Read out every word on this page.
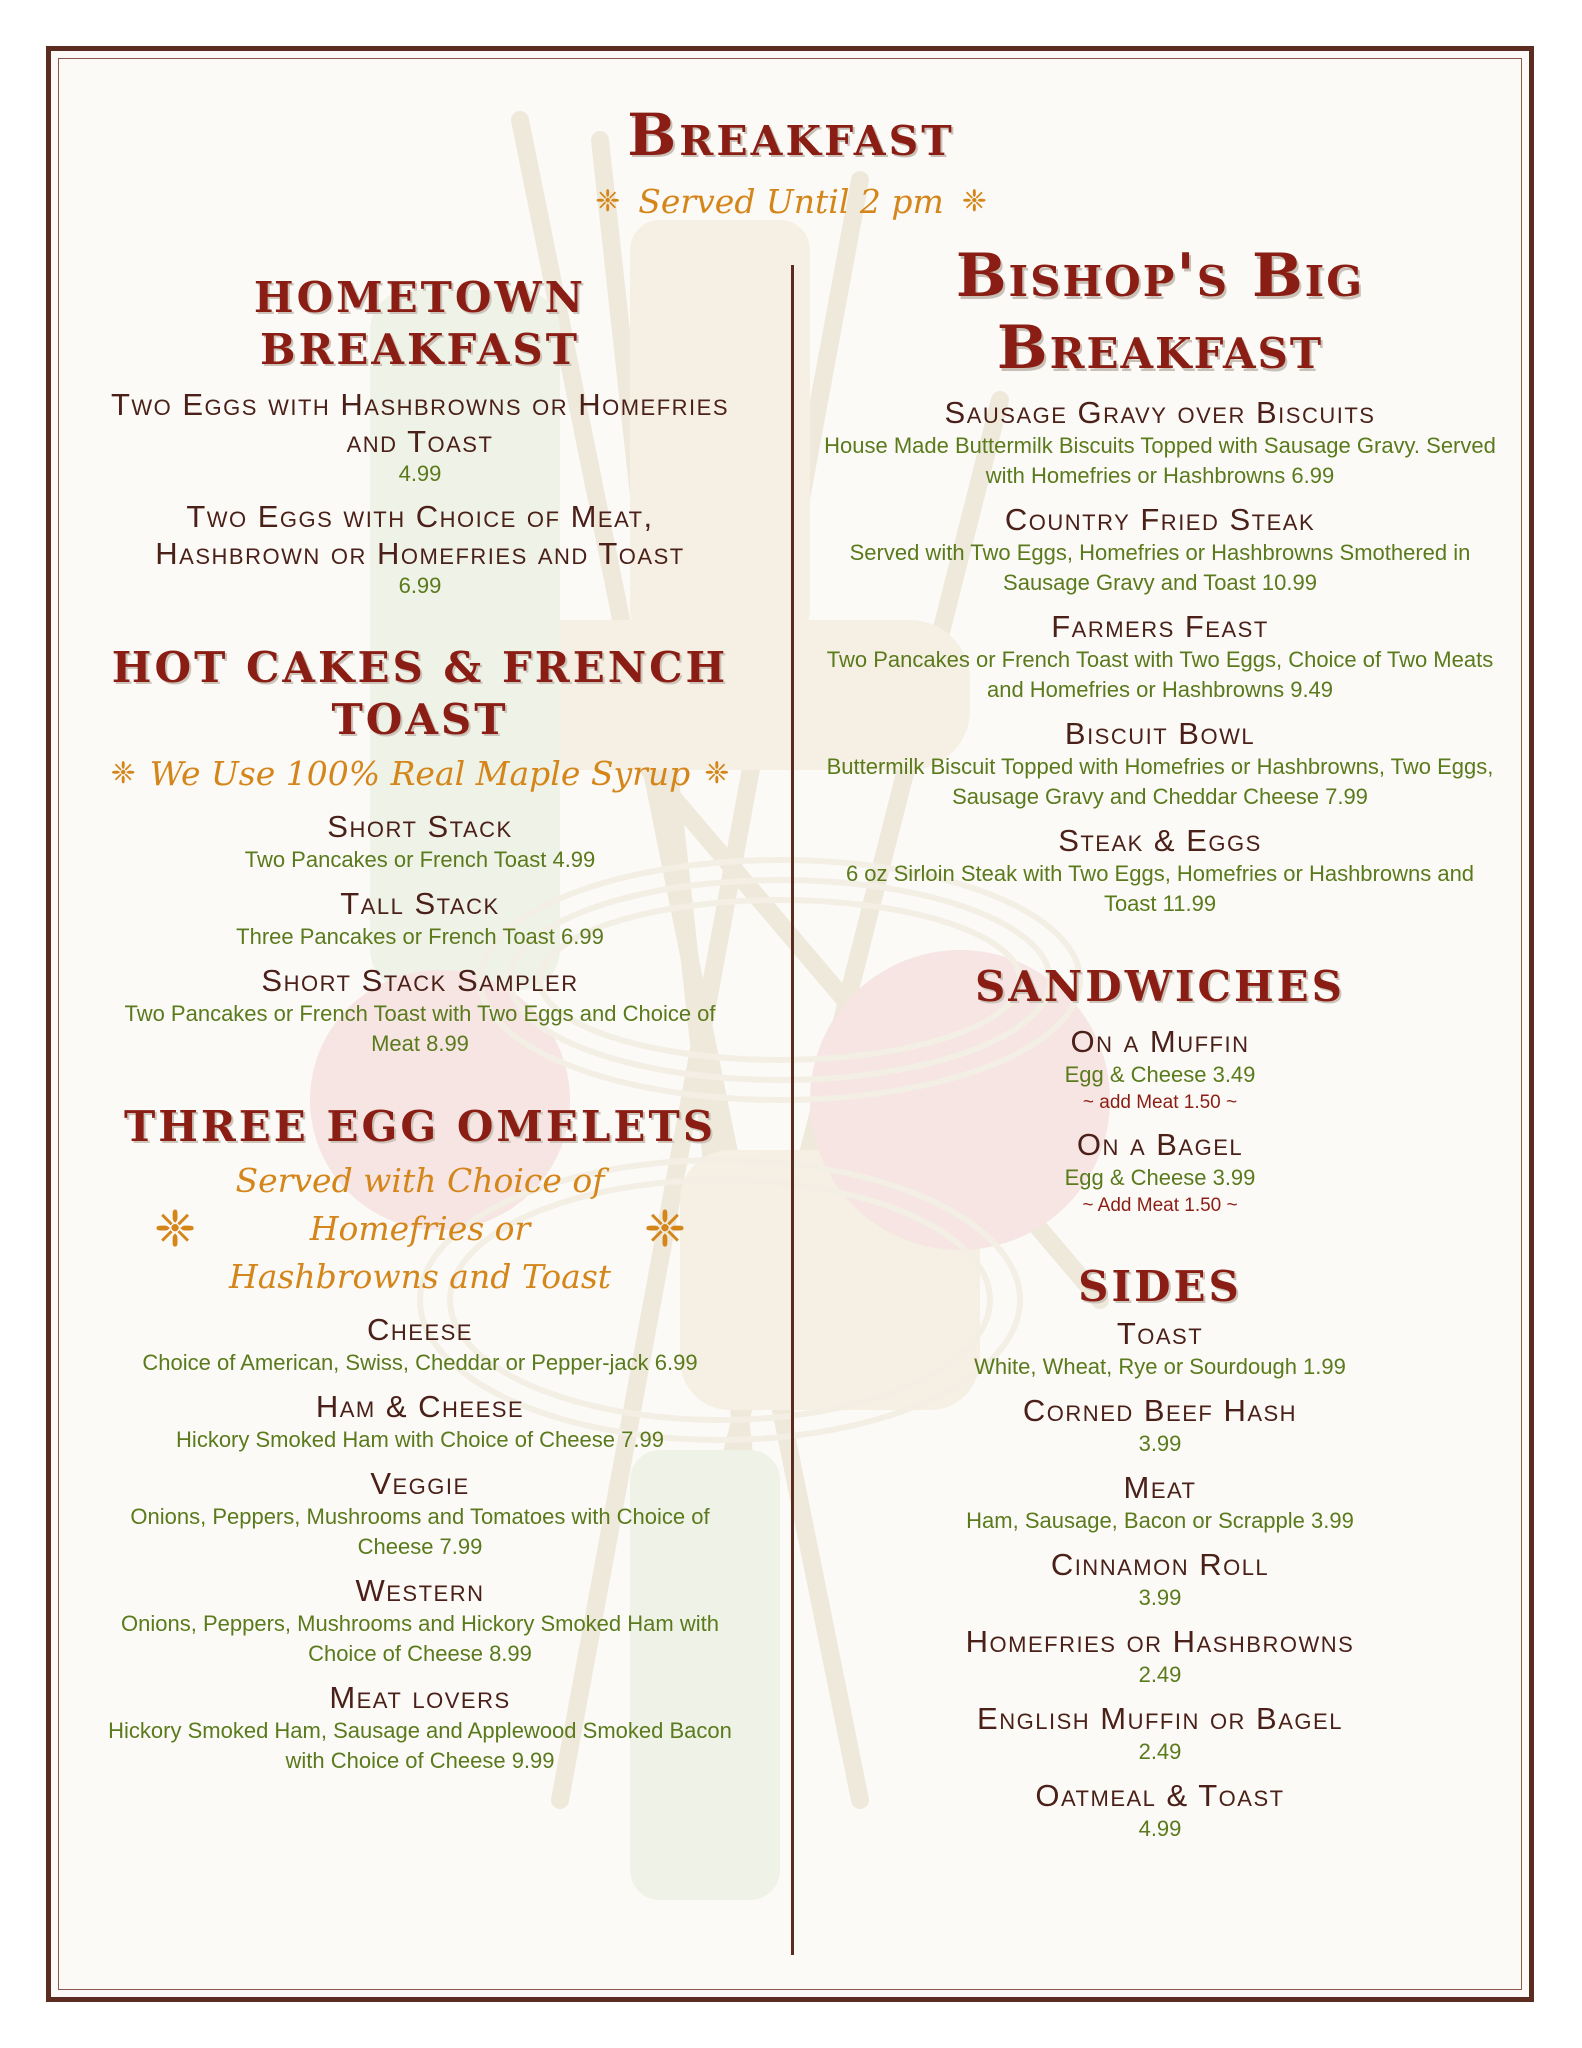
Breakfast
❈ Served Until 2 pm ❈
HOMETOWN BREAKFAST
Two Eggs with Hashbrowns or Homefries and Toast
4.99
Two Eggs with Choice of Meat, Hashbrown or Homefries and Toast
6.99
HOT CAKES & FRENCH TOAST
❈ We Use 100% Real Maple Syrup ❈
Short Stack
Two Pancakes or French Toast 4.99
Tall Stack
Three Pancakes or French Toast 6.99
Short Stack Sampler
Two Pancakes or French Toast with Two Eggs and Choice of Meat 8.99
THREE EGG OMELETS
❈
Served with Choice of Homefries or Hashbrowns and Toast
❈
Cheese
Choice of American, Swiss, Cheddar or Pepper-jack 6.99
Ham & Cheese
Hickory Smoked Ham with Choice of Cheese 7.99
Veggie
Onions, Peppers, Mushrooms and Tomatoes with Choice of Cheese 7.99
Western
Onions, Peppers, Mushrooms and Hickory Smoked Ham with Choice of Cheese 8.99
Meat lovers
Hickory Smoked Ham, Sausage and Applewood Smoked Bacon with Choice of Cheese 9.99
Bishop's Big
Breakfast
Sausage Gravy over Biscuits
House Made Buttermilk Biscuits Topped with Sausage Gravy. Served with Homefries or Hashbrowns 6.99
Country Fried Steak
Served with Two Eggs, Homefries or Hashbrowns Smothered in Sausage Gravy and Toast 10.99
Farmers Feast
Two Pancakes or French Toast with Two Eggs, Choice of Two Meats and Homefries or Hashbrowns 9.49
Biscuit Bowl
Buttermilk Biscuit Topped with Homefries or Hashbrowns, Two Eggs, Sausage Gravy and Cheddar Cheese 7.99
Steak & Eggs
6 oz Sirloin Steak with Two Eggs, Homefries or Hashbrowns and Toast 11.99
SANDWICHES
On a Muffin
Egg & Cheese 3.49
~ add Meat 1.50 ~
On a Bagel
Egg & Cheese 3.99
~ Add Meat 1.50 ~
SIDES
Toast
White, Wheat, Rye or Sourdough 1.99
Corned Beef Hash
3.99
Meat
Ham, Sausage, Bacon or Scrapple 3.99
Cinnamon Roll
3.99
Homefries or Hashbrowns
2.49
English Muffin or Bagel
2.49
Oatmeal & Toast
4.99
